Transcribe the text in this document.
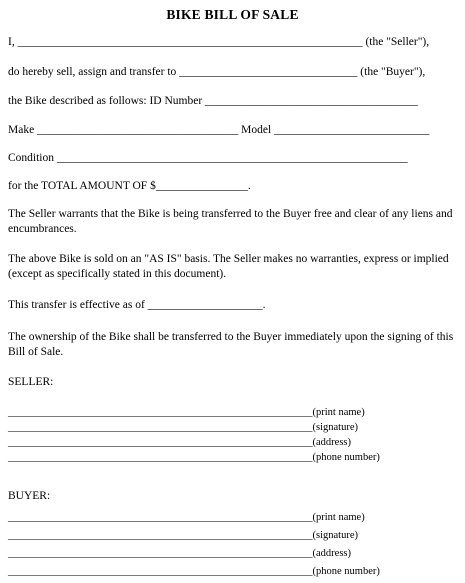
BIKE BILL OF SALE
I, ____________________________________________________________ (the "Seller"),
do hereby sell, assign and transfer to _______________________________ (the "Buyer"),
the Bike described as follows: ID Number _____________________________________
Make ___________________________________ Model ___________________________
Condition _____________________________________________________________
for the TOTAL AMOUNT OF $________________.
The Seller warrants that the Bike is being transferred to the Buyer free and clear of any liens and encumbrances.
The above Bike is sold on an "AS IS" basis. The Seller makes no warranties, express or implied (except as specifically stated in this document).
This transfer is effective as of ____________________.
The ownership of the Bike shall be transferred to the Buyer immediately upon the signing of this Bill of Sale.
SELLER:
__________________________________________________________(print name)
__________________________________________________________(signature)
__________________________________________________________(address)
__________________________________________________________(phone number)
BUYER:
__________________________________________________________(print name)
__________________________________________________________(signature)
__________________________________________________________(address)
__________________________________________________________(phone number)
